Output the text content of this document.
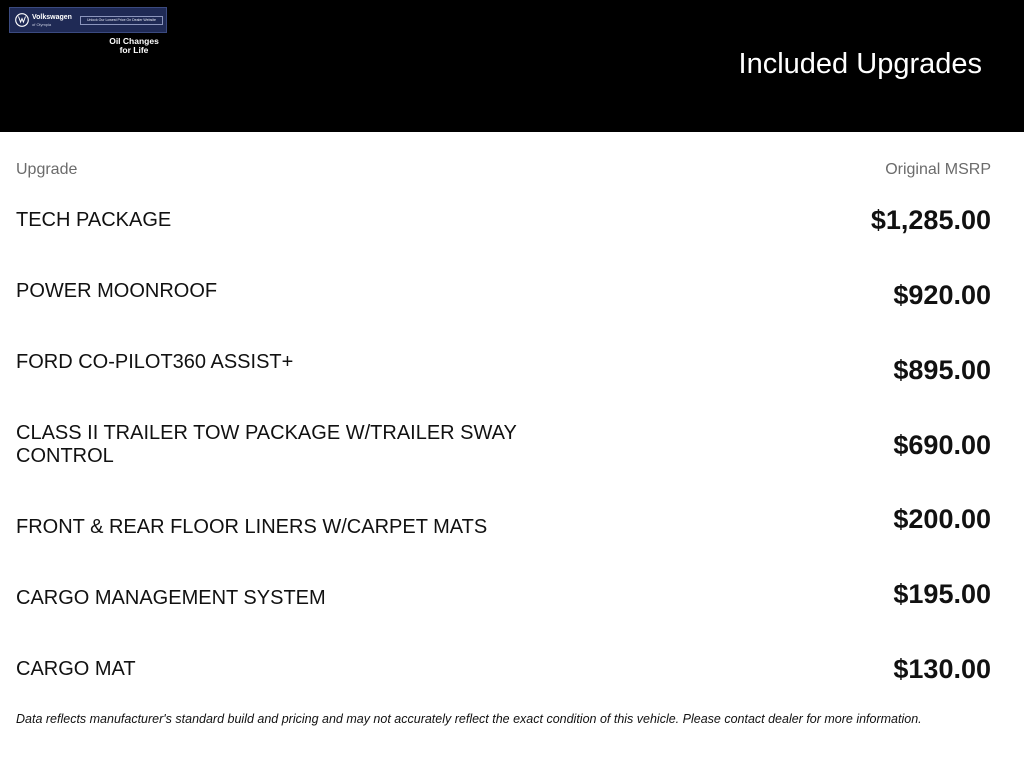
Volkswagen
of Olympia
Unlock Our Lowest Price On Dealer Website
Oil Changes
for Life	Included Upgrades
Upgrade	Original MSRP
TECH PACKAGE	$1,285.00
POWER MOONROOF	$920.00
FORD CO-PILOT360 ASSIST+	$895.00
CLASS II TRAILER TOW PACKAGE W/TRAILER SWAY CONTROL	$690.00
FRONT & REAR FLOOR LINERS W/CARPET MATS	$200.00
CARGO MANAGEMENT SYSTEM	$195.00
CARGO MAT	$130.00
Data reflects manufacturer's standard build and pricing and may not accurately reflect the exact condition of this vehicle. Please contact dealer for more information.
